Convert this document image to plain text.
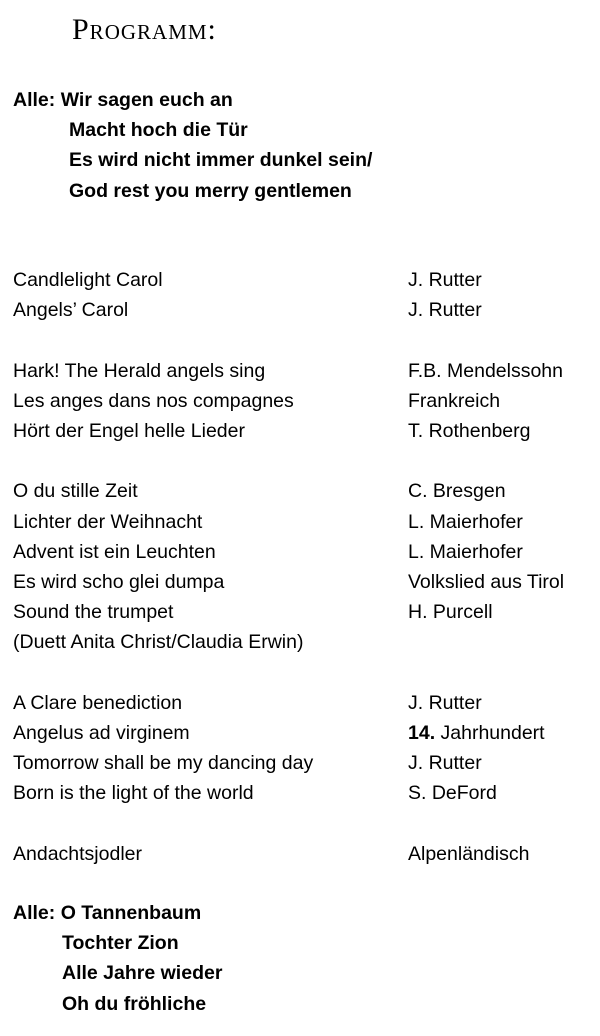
Programm:
Alle: Wir sagen euch an
Macht hoch die Tür
Es wird nicht immer dunkel sein/
God rest you merry gentlemen
Candlelight Carol	J. Rutter
Angels’ Carol	J. Rutter
Hark! The Herald angels sing	F.B. Mendelssohn
Les anges dans nos compagnes	Frankreich
Hört der Engel helle Lieder	T. Rothenberg
O du stille Zeit	C. Bresgen
Lichter der Weihnacht	L. Maierhofer
Advent ist ein Leuchten	L. Maierhofer
Es wird scho glei dumpa	Volkslied aus Tirol
Sound the trumpet	H. Purcell
(Duett Anita Christ/Claudia Erwin)
A Clare benediction	J. Rutter
Angelus ad virginem	14. Jahrhundert
Tomorrow shall be my dancing day	J. Rutter
Born is the light of the world	S. DeFord
Andachtsjodler	Alpenländisch
Alle: O Tannenbaum
Tochter Zion
Alle Jahre wieder
Oh du fröhliche
